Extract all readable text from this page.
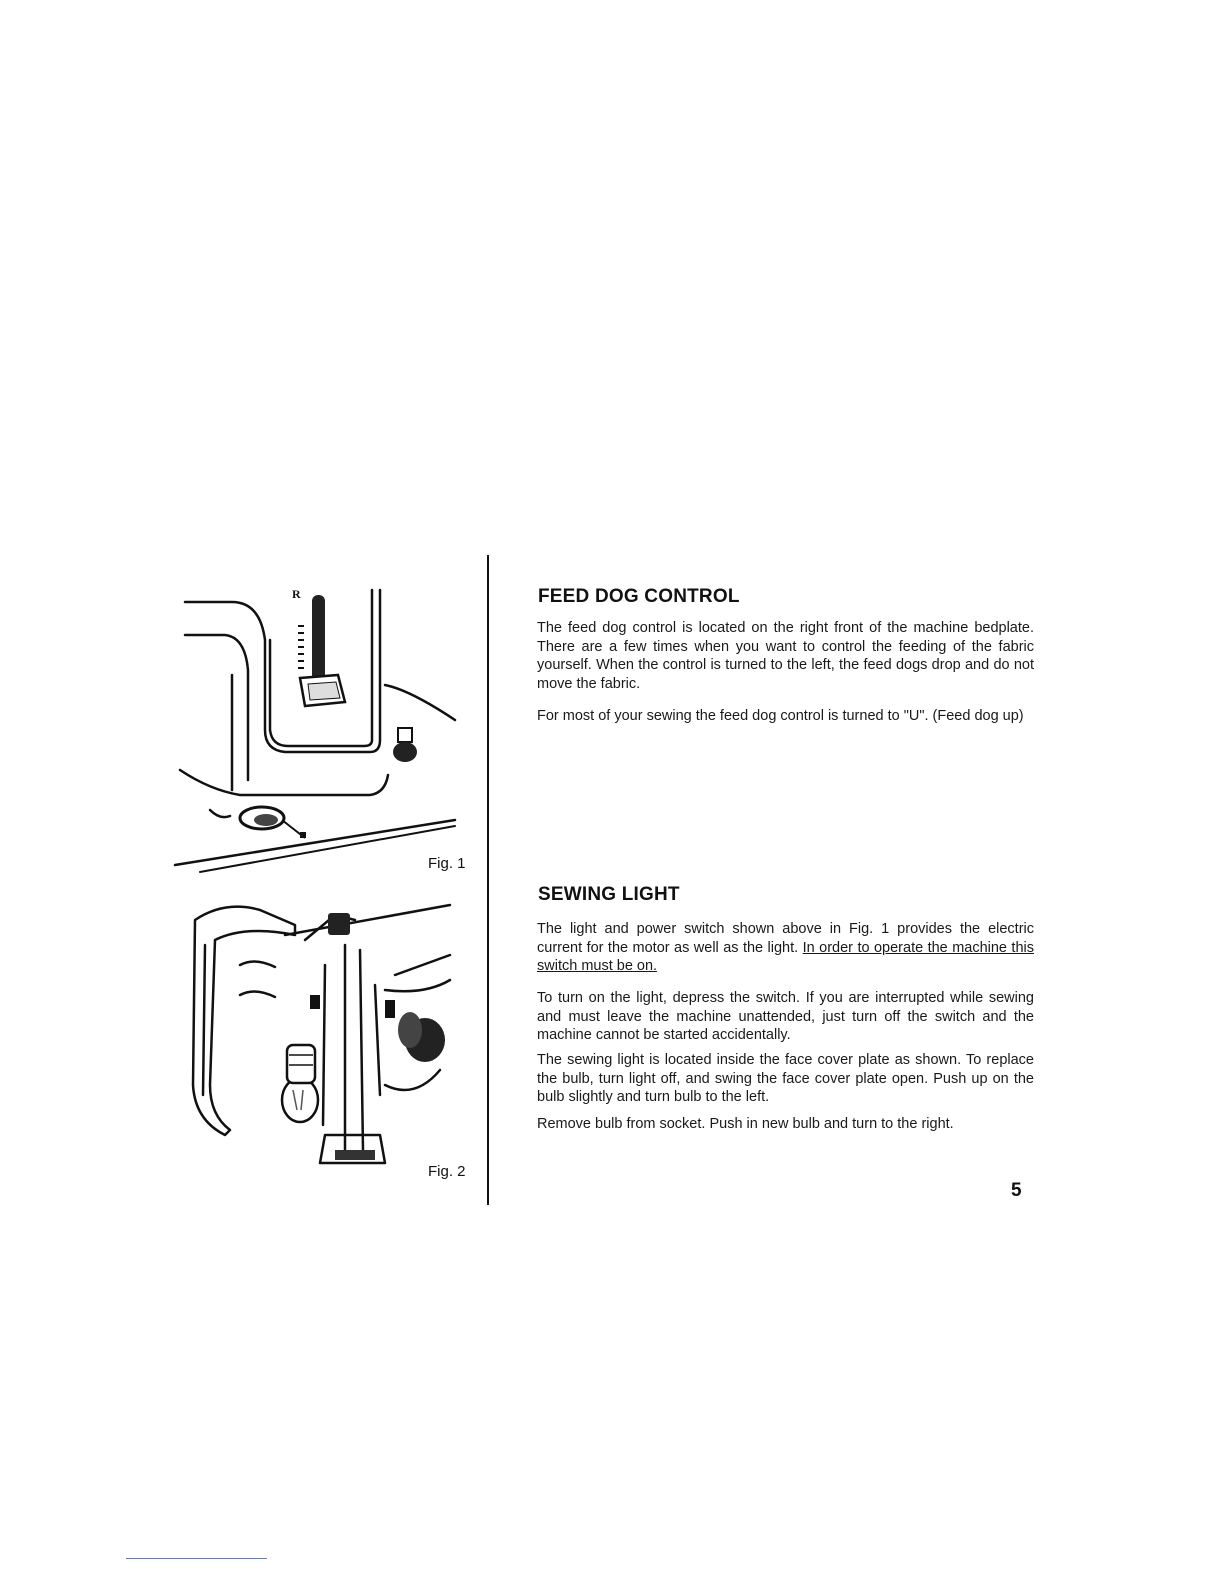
R
Fig. 1
Fig. 2
FEED DOG CONTROL

The feed dog control is located on the right front of the machine bedplate. There are a few times when you want to control the feeding of the fabric yourself. When the control is turned to the left, the feed dogs drop and do not move the fabric.

For most of your sewing the feed dog control is turned to "U". (Feed dog up)

SEWING LIGHT

The light and power switch shown above in Fig. 1 provides the electric current for the motor as well as the light. In order to operate the machine this switch must be on.

To turn on the light, depress the switch. If you are interrupted while sewing and must leave the machine unattended, just turn off the switch and the machine cannot be started accidentally.

The sewing light is located inside the face cover plate as shown. To replace the bulb, turn light off, and swing the face cover plate open. Push up on the bulb slightly and turn bulb to the left.

Remove bulb from socket. Push in new bulb and turn to the right.

5
